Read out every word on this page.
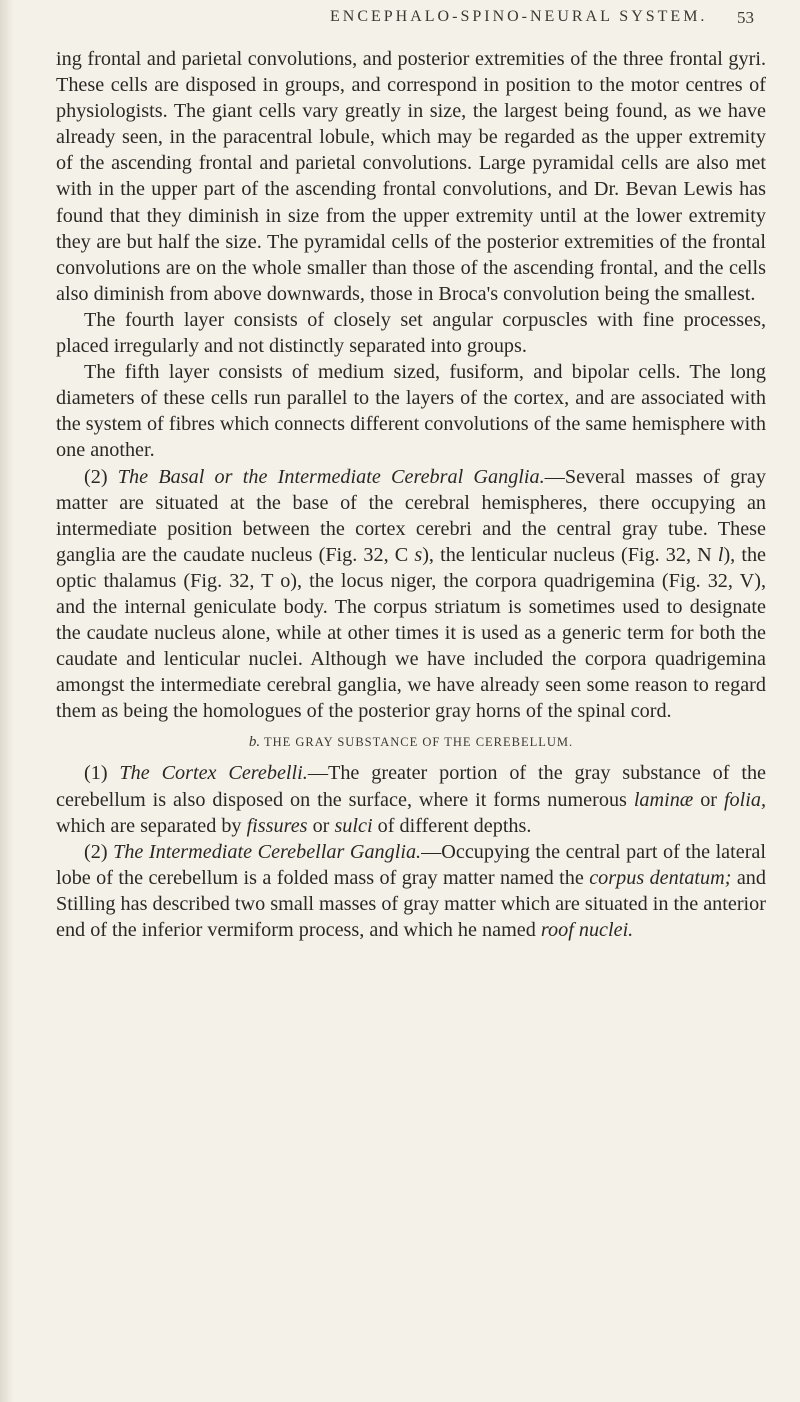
ENCEPHALO-SPINO-NEURAL SYSTEM. 53

ing frontal and parietal convolutions, and posterior extremities of the three frontal gyri. These cells are disposed in groups, and correspond in position to the motor centres of physiologists. The giant cells vary greatly in size, the largest being found, as we have already seen, in the paracentral lobule, which may be regarded as the upper extremity of the ascending frontal and parietal convolutions. Large pyramidal cells are also met with in the upper part of the ascending frontal convolutions, and Dr. Bevan Lewis has found that they diminish in size from the upper extremity until at the lower extremity they are but half the size. The pyramidal cells of the posterior extremities of the frontal convolutions are on the whole smaller than those of the ascending frontal, and the cells also diminish from above downwards, those in Broca's convolution being the smallest.

The fourth layer consists of closely set angular corpuscles with fine processes, placed irregularly and not distinctly separated into groups.

The fifth layer consists of medium sized, fusiform, and bipolar cells. The long diameters of these cells run parallel to the layers of the cortex, and are associated with the system of fibres which connects different convolutions of the same hemisphere with one another.

(2) The Basal or the Intermediate Cerebral Ganglia.—Several masses of gray matter are situated at the base of the cerebral hemispheres, there occupying an intermediate position between the cortex cerebri and the central gray tube. These ganglia are the caudate nucleus (Fig. 32, C s), the lenticular nucleus (Fig. 32, N l), the optic thalamus (Fig. 32, T o), the locus niger, the corpora quadrigemina (Fig. 32, V), and the internal geniculate body. The corpus striatum is sometimes used to designate the caudate nucleus alone, while at other times it is used as a generic term for both the caudate and lenticular nuclei. Although we have included the corpora quadrigemina amongst the intermediate cerebral ganglia, we have already seen some reason to regard them as being the homologues of the posterior gray horns of the spinal cord.

b. THE GRAY SUBSTANCE OF THE CEREBELLUM.

(1) The Cortex Cerebelli.—The greater portion of the gray substance of the cerebellum is also disposed on the surface, where it forms numerous laminæ or folia, which are separated by fissures or sulci of different depths.

(2) The Intermediate Cerebellar Ganglia.—Occupying the central part of the lateral lobe of the cerebellum is a folded mass of gray matter named the corpus dentatum; and Stilling has described two small masses of gray matter which are situated in the anterior end of the inferior vermiform process, and which he named roof nuclei.
